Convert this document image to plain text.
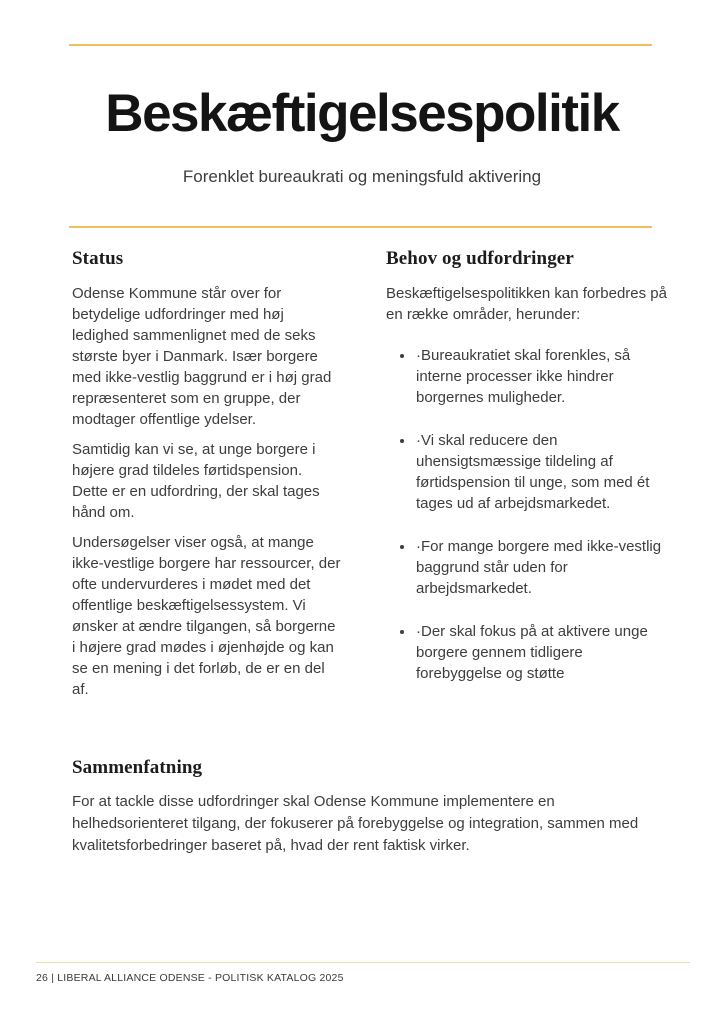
Beskæftigelsespolitik

Forenklet bureaukrati og meningsfuld aktivering

Status

Odense Kommune står over for betydelige udfordringer med høj ledighed sammenlignet med de seks største byer i Danmark. Især borgere med ikke-vestlig baggrund er i høj grad repræsenteret som en gruppe, der modtager offentlige ydelser.

Samtidig kan vi se, at unge borgere i højere grad tildeles førtidspension. Dette er en udfordring, der skal tages hånd om.

Undersøgelser viser også, at mange ikke-vestlige borgere har ressourcer, der ofte undervurderes i mødet med det offentlige beskæftigelsessystem. Vi ønsker at ændre tilgangen, så borgerne i højere grad mødes i øjenhøjde og kan se en mening i det forløb, de er en del af.

Behov og udfordringer

Beskæftigelsespolitikken kan forbedres på en række områder, herunder:

• ·Bureaukratiet skal forenkles, så interne processer ikke hindrer borgernes muligheder.
• ·Vi skal reducere den uhensigtsmæssige tildeling af førtidspension til unge, som med ét tages ud af arbejdsmarkedet.
• ·For mange borgere med ikke-vestlig baggrund står uden for arbejdsmarkedet.
• ·Der skal fokus på at aktivere unge borgere gennem tidligere forebyggelse og støtte
Sammenfatning

For at tackle disse udfordringer skal Odense Kommune implementere en helhedsorienteret tilgang, der fokuserer på forebyggelse og integration, sammen med kvalitetsforbedringer baseret på, hvad der rent faktisk virker.

26 | LIBERAL ALLIANCE ODENSE - POLITISK KATALOG 2025
